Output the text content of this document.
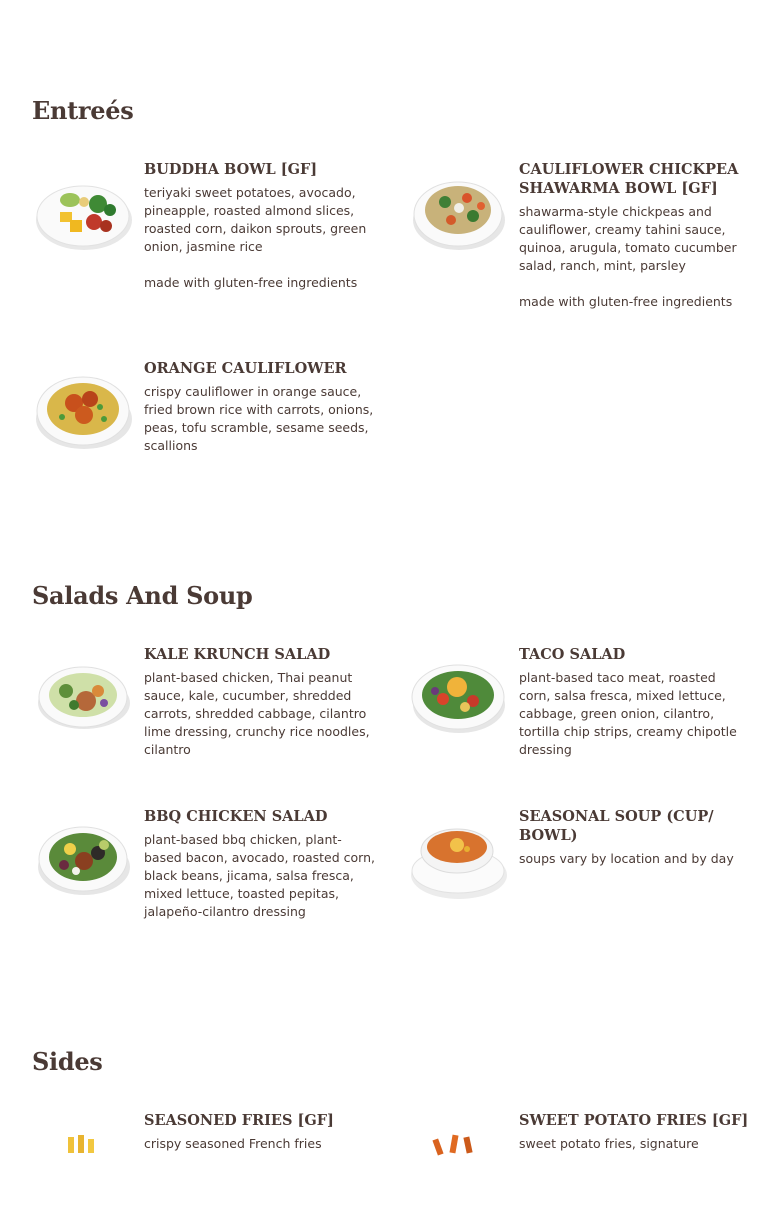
Entreés

BUDDHA BOWL [GF]

teriyaki sweet potatoes, avocado, pineapple, roasted almond slices, roasted corn, daikon sprouts, green onion, jasmine rice

made with gluten-free ingredients

CAULIFLOWER CHICKPEA SHAWARMA BOWL [GF]

shawarma-style chickpeas and cauliflower, creamy tahini sauce, quinoa, arugula, tomato cucumber salad, ranch, mint, parsley

made with gluten-free ingredients

ORANGE CAULIFLOWER

crispy cauliflower in orange sauce, fried brown rice with carrots, onions, peas, tofu scramble, sesame seeds, scallions

Salads And Soup

KALE KRUNCH SALAD

plant-based chicken, Thai peanut sauce, kale, cucumber, shredded carrots, shredded cabbage, cilantro lime dressing, crunchy rice noodles, cilantro

TACO SALAD

plant-based taco meat, roasted corn, salsa fresca, mixed lettuce, cabbage, green onion, cilantro, tortilla chip strips, creamy chipotle dressing

BBQ CHICKEN SALAD

plant-based bbq chicken, plant-based bacon, avocado, roasted corn, black beans, jicama, salsa fresca, mixed lettuce, toasted pepitas, jalapeño-cilantro dressing

SEASONAL SOUP (CUP/ BOWL)

soups vary by location and by day

Sides

SEASONED FRIES [GF]

crispy seasoned French fries

SWEET POTATO FRIES [GF]

sweet potato fries, signature
